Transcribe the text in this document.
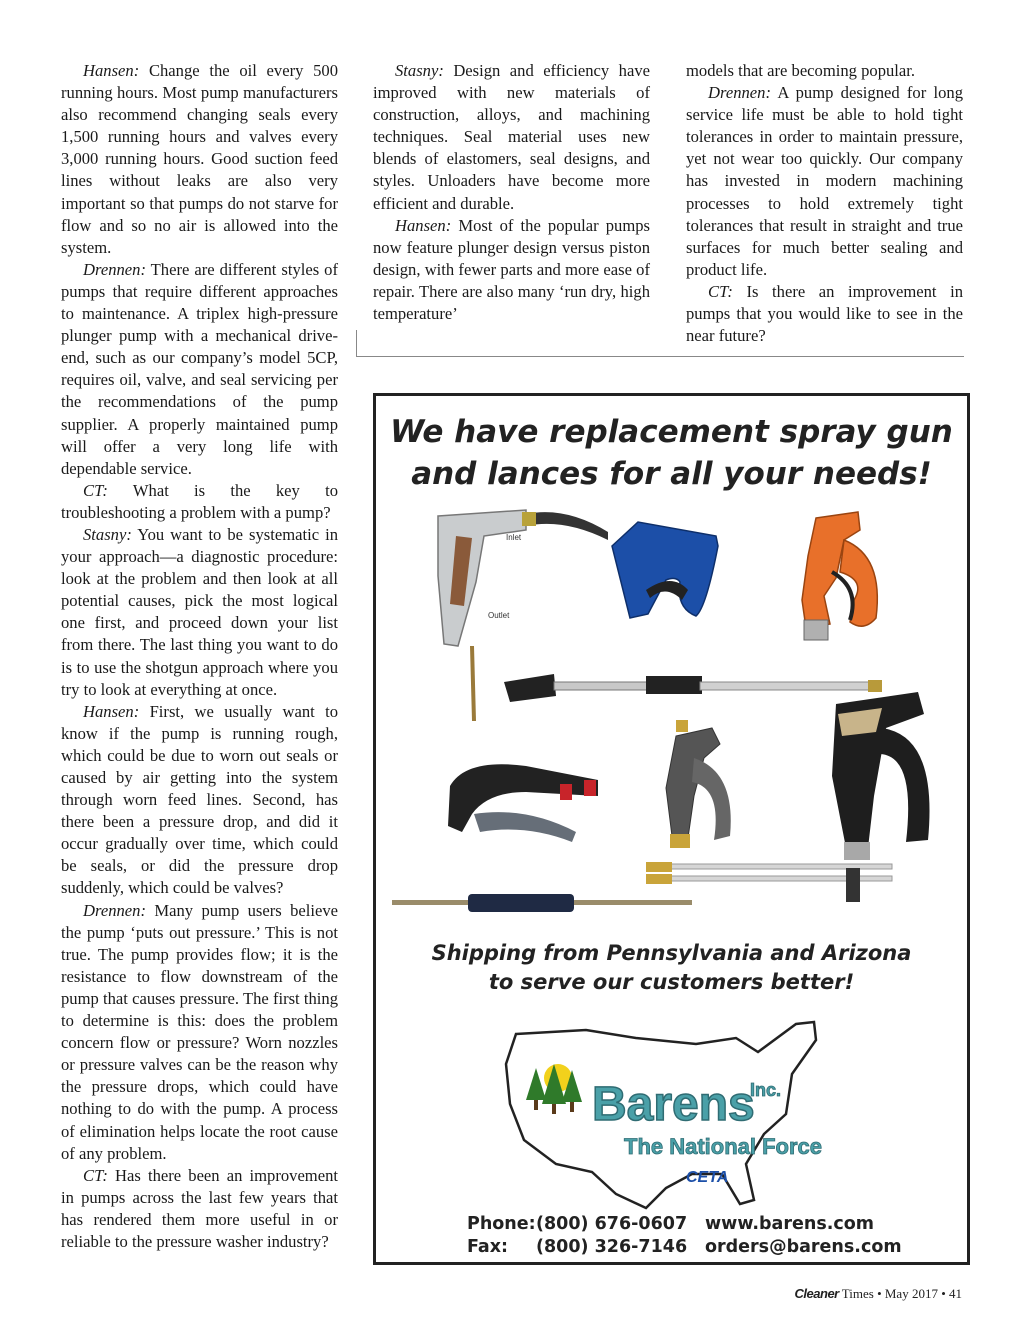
Hansen: Change the oil every 500 running hours. Most pump manufacturers also recommend changing seals every 1,500 running hours and valves every 3,000 running hours. Good suction feed lines without leaks are also very important so that pumps do not starve for flow and so no air is allowed into the system.

Drennen: There are different styles of pumps that require different approaches to maintenance. A triplex high-pressure plunger pump with a mechanical drive-end, such as our company’s model 5CP, requires oil, valve, and seal servicing per the recommendations of the pump supplier. A properly maintained pump will offer a very long life with dependable service.

CT: What is the key to troubleshooting a problem with a pump?

Stasny: You want to be systematic in your approach—a diagnostic procedure: look at the problem and then look at all potential causes, pick the most logical one first, and proceed down your list from there. The last thing you want to do is to use the shotgun approach where you try to look at everything at once.

Hansen: First, we usually want to know if the pump is running rough, which could be due to worn out seals or caused by air getting into the system through worn feed lines. Second, has there been a pressure drop, and did it occur gradually over time, which could be seals, or did the pressure drop suddenly, which could be valves?

Drennen: Many pump users believe the pump ‘puts out pressure.’ This is not true. The pump provides flow; it is the resistance to flow downstream of the pump that causes pressure. The first thing to determine is this: does the problem concern flow or pressure? Worn nozzles or pressure valves can be the reason why the pressure drops, which could have nothing to do with the pump. A process of elimination helps locate the root cause of any problem.

CT: Has there been an improvement in pumps across the last few years that has rendered them more useful in or reliable to the pressure washer industry?

Stasny: Design and efficiency have improved with new materials of construction, alloys, and machining techniques. Seal material uses new blends of elastomers, seal designs, and styles. Unloaders have become more efficient and durable.

Hansen: Most of the popular pumps now feature plunger design versus piston design, with fewer parts and more ease of repair. There are also many ‘run dry, high temperature’

models that are becoming popular.

Drennen: A pump designed for long service life must be able to hold tight tolerances in order to maintain pressure, yet not wear too quickly. Our company has invested in modern machining processes to hold extremely tight tolerances that result in straight and true surfaces for much better sealing and product life.

CT: Is there an improvement in pumps that you would like to see in the near future?

We have replacement spray gun
and lances for all your needs!
Inlet
Outlet
Shipping from Pennsylvania and Arizona
to serve our customers better!
Barens
Inc.
The National Force
CETA
Phone: (800) 676-0607
Fax: (800) 326-7146
www.barens.com
orders@barens.com
Cleaner Times • May 2017 • 41
